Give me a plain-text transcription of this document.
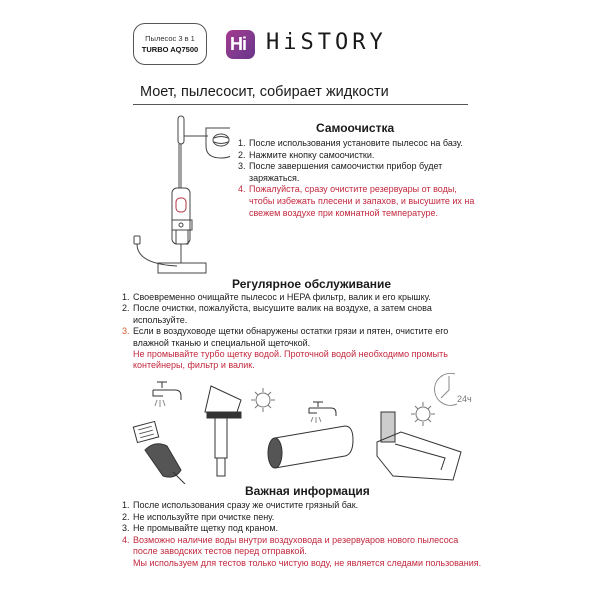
Пылесос 3 в 1
TURBO AQ7500	Hi HiSTORY
Моет, пылесосит, собирает жидкости
Самоочистка
1. После использования установите пылесос на базу.
2. Нажмите кнопку самоочистки.
3. После завершения самоочистки прибор будет заряжаться.
4. Пожалуйста, сразу очистите резервуары от воды, чтобы избежать плесени и запахов, и высушите их на свежем воздухе при комнатной температуре.
Регулярное обслуживание
1. Своевременно очищайте пылесос и HEPA фильтр, валик и его крышку.
2. После очистки, пожалуйста, высушите валик на воздухе, а затем снова используйте.
3. Если в воздуховоде щетки обнаружены остатки грязи и пятен, очистите его влажной тканью и специальной щеточкой.
Не промывайте турбо щетку водой. Проточной водой необходимо промыть контейнеры, фильтр и валик.
24ч
Важная информация
1. После использования сразу же очистите грязный бак.
2. Не используйте при очистке пену.
3. Не промывайте щетку под краном.
4. Возможно наличие воды внутри воздуховода и резервуаров нового пылесоса после заводских тестов перед отправкой.
Мы используем для тестов только чистую воду, не является следами пользования.
